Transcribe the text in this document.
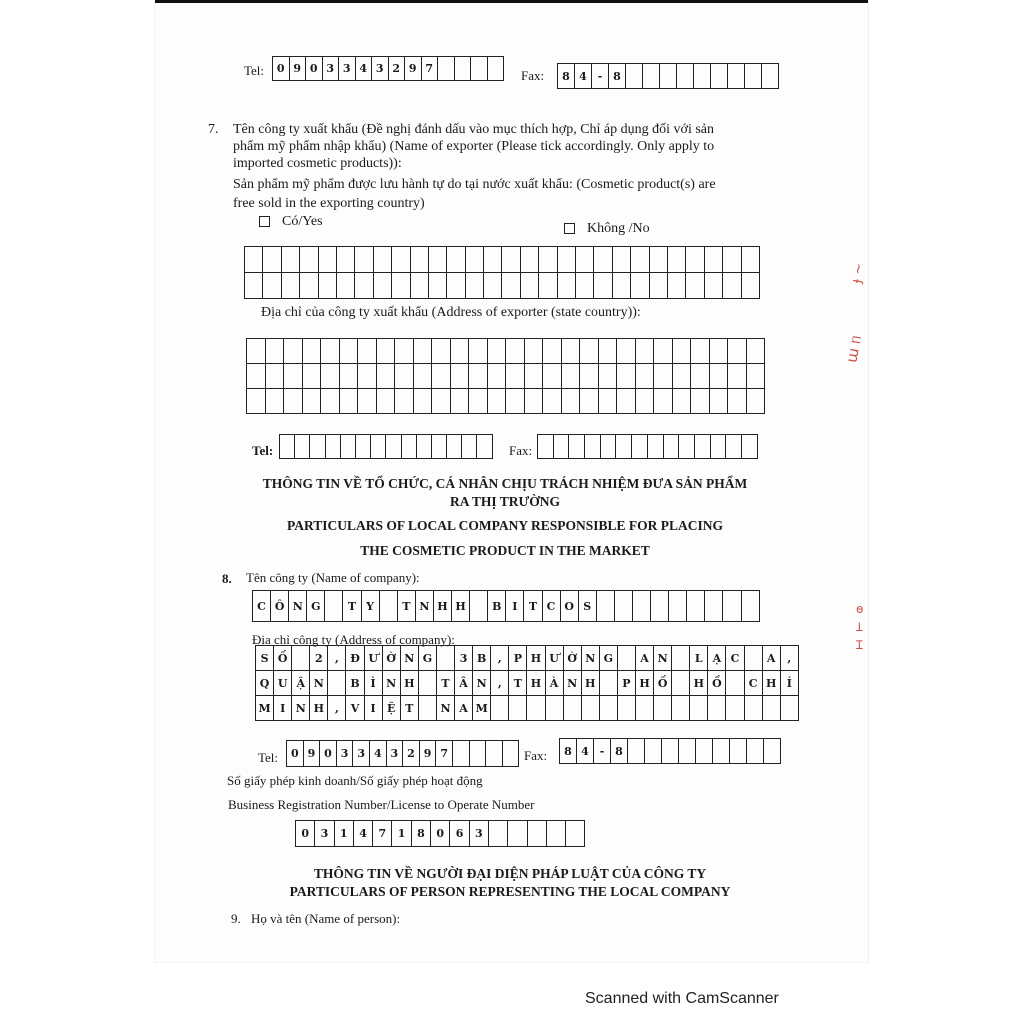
Tel:	0 9 0 3 3 4 3 2 9 7	Fax:	8 4 - 8
7. Tên công ty xuất khẩu (Đề nghị đánh dấu vào mục thích hợp, Chỉ áp dụng đối với sản
phẩm mỹ phẩm nhập khẩu) (Name of exporter (Please tick accordingly. Only apply to
imported cosmetic products)):
Sản phẩm mỹ phẩm được lưu hành tự do tại nước xuất khẩu: (Cosmetic product(s) are
free sold in the exporting country)
Có/Yes	Không /No
Địa chỉ của công ty xuất khẩu (Address of exporter (state country)):
Tel:	Fax:
THÔNG TIN VỀ TỔ CHỨC, CÁ NHÂN CHỊU TRÁCH NHIỆM ĐƯA SẢN PHẨM
RA THỊ TRƯỜNG
PARTICULARS OF LOCAL COMPANY RESPONSIBLE FOR PLACING
THE COSMETIC PRODUCT IN THE MARKET
8. Tên công ty (Name of company):
C Ô N G	T Y	T N H H	B I	T C O S
Địa chỉ công ty (Address of company):
S Ố	2	,	Đ Ư Ờ N G	3 B	,	P H Ư Ờ N G	A N	L Ạ C	A	,
Q U Ậ N	B Ì N H	T Â N	,	T H À N H	P H Ố	H Ồ	C H Í
M I N H ,	V	I	Ệ T	N A M
Tel:	0 9 0 3 3 4 3 2 9 7	Fax:	8 4 - 8
Số giấy phép kinh doanh/Số giấy phép hoạt động
Business Registration Number/License to Operate Number
0	3	1	4	7	1	8	0	6	3
THÔNG TIN VỀ NGƯỜI ĐẠI DIỆN PHÁP LUẬT CỦA CÔNG TY
PARTICULARS OF PERSON REPRESENTING THE LOCAL COMPANY
9. Họ và tên (Name of person):
ɟ ~
ɯ ᥒ
ɵ
Ʇ
Ɪ
Scanned with CamScanner
